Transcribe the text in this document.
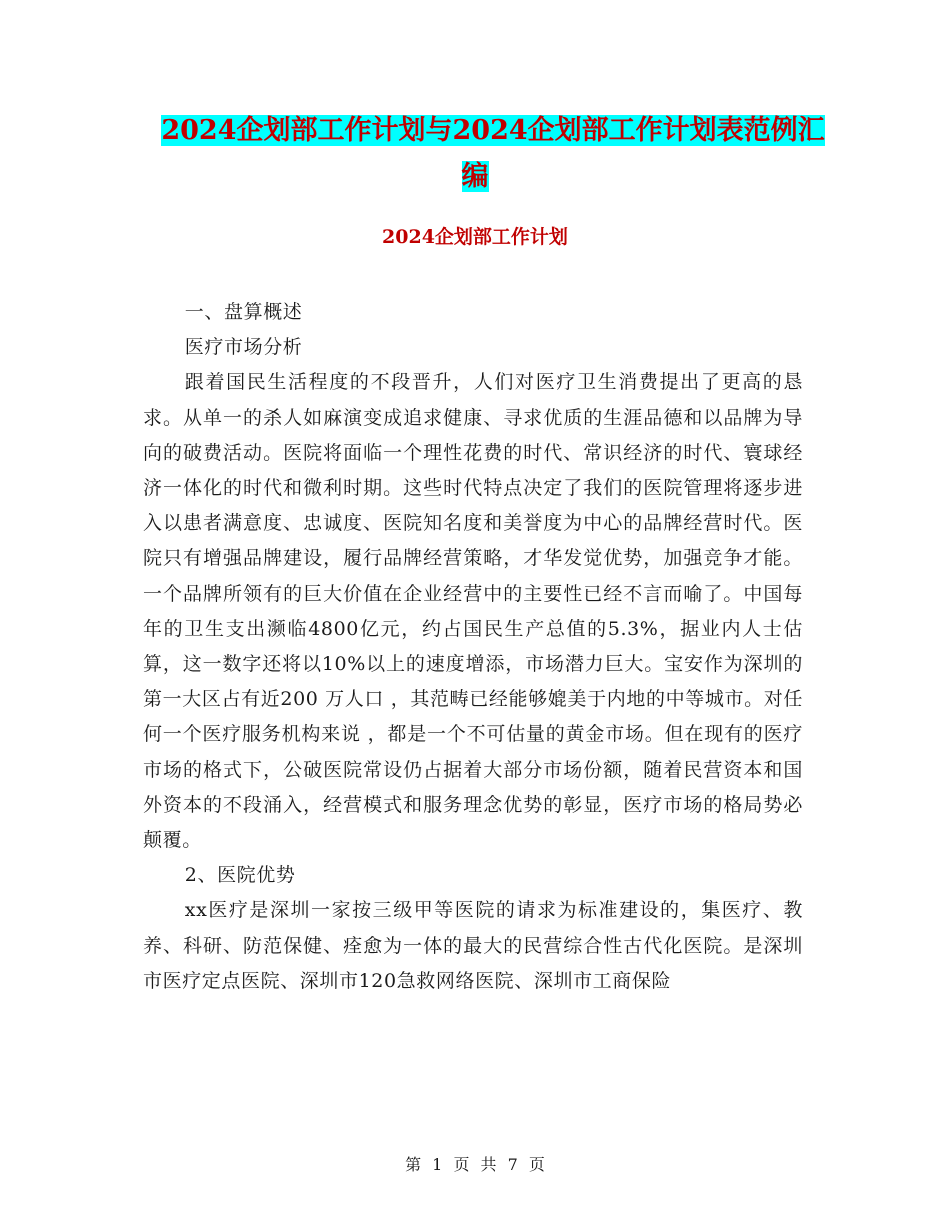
2024企划部工作计划与2024企划部工作计划表范例汇
编
2024企划部工作计划

一、盘算概述

医疗市场分析

跟着国民生活程度的不段晋升，人们对医疗卫生消费提出了更高的恳求。从单一的杀人如麻演变成追求健康、寻求优质的生涯品德和以品牌为导向的破费活动。医院将面临一个理性花费的时代、常识经济的时代、寰球经济一体化的时代和微利时期。这些时代特点决定了我们的医院管理将逐步进入以患者满意度、忠诚度、医院知名度和美誉度为中心的品牌经营时代。医院只有增强品牌建设，履行品牌经营策略，才华发觉优势，加强竞争才能。一个品牌所领有的巨大价值在企业经营中的主要性已经不言而喻了。中国每年的卫生支出濒临4800亿元，约占国民生产总值的5.3%，据业内人士估算，这一数字还将以10%以上的速度增添，市场潜力巨大。宝安作为深圳的第一大区占有近200 万人口 ，其范畴已经能够媲美于内地的中等城市。对任何一个医疗服务机构来说 ，都是一个不可估量的黄金市场。但在现有的医疗市场的格式下，公破医院常设仍占据着大部分市场份额，随着民营资本和国外资本的不段涌入，经营模式和服务理念优势的彰显，医疗市场的格局势必颠覆。

2、医院优势

xx医疗是深圳一家按三级甲等医院的请求为标准建设的，集医疗、教养、科研、防范保健、痊愈为一体的最大的民营综合性古代化医院。是深圳市医疗定点医院、深圳市120急救网络医院、深圳市工商保险

第 1 页 共 7 页
